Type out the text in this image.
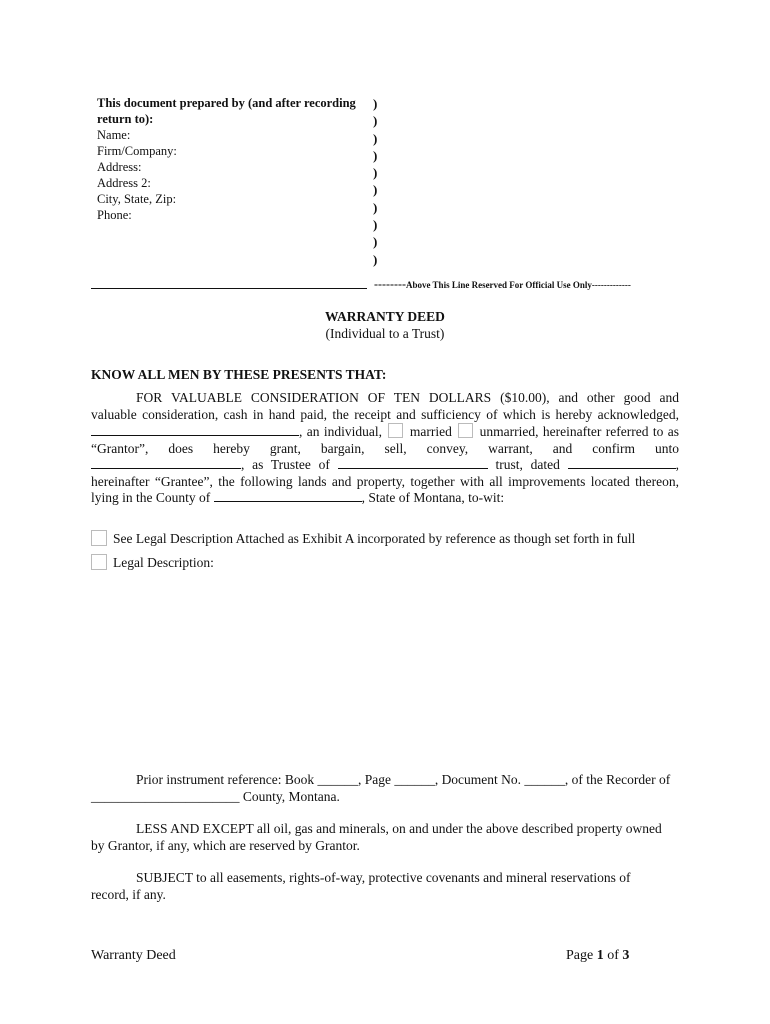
This document prepared by (and after recording
return to):
Name:
Firm/Company:
Address:
Address 2:
City, State, Zip:
Phone:
)
)
)
)
)
)
)
)
)
)
--------Above This Line Reserved For Official Use Only-------------
WARRANTY DEED
(Individual to a Trust)
KNOW ALL MEN BY THESE PRESENTS THAT:
FOR VALUABLE CONSIDERATION OF TEN DOLLARS ($10.00), and other good and
valuable consideration, cash in hand paid, the receipt and sufficiency of which is hereby acknowledged,
, an individual, married unmarried, hereinafter referred to as
“Grantor”, does hereby grant, bargain, sell, convey, warrant, and confirm unto
, as Trustee of	trust, dated	,
hereinafter “Grantee”, the following lands and property, together with all improvements located thereon,
lying in the County of	, State of Montana, to-wit:
See Legal Description Attached as Exhibit A incorporated by reference as though set forth in full
Legal Description:
Prior instrument reference: Book ______, Page ______, Document No. ______, of the Recorder of
______________________ County, Montana.
LESS AND EXCEPT all oil, gas and minerals, on and under the above described property owned
by Grantor, if any, which are reserved by Grantor.
SUBJECT to all easements, rights-of-way, protective covenants and mineral reservations of
record, if any.
Warranty Deed	Page 1 of 3
